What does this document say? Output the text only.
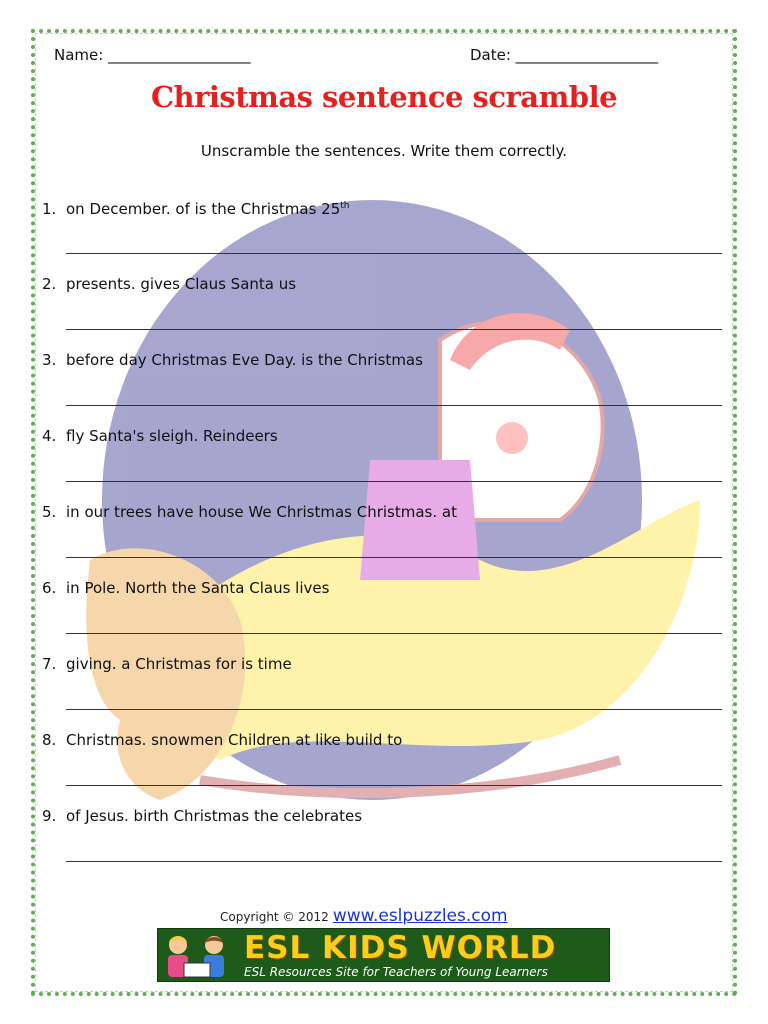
Name: ___________________	Date: ___________________
Christmas sentence scramble
Unscramble the sentences. Write them correctly.
1. on December. of is the Christmas 25th
2. presents. gives Claus Santa us
3. before day Christmas Eve Day. is the Christmas
4. fly Santa's sleigh. Reindeers
5. in our trees have house We Christmas Christmas. at
6. in Pole. North the Santa Claus lives
7. giving. a Christmas for is time
8. Christmas. snowmen Children at like build to
9. of Jesus. birth Christmas the celebrates
Copyright © 2012 www.eslpuzzles.com
ESL KIDS WORLD
ESL Resources Site for Teachers of Young Learners
